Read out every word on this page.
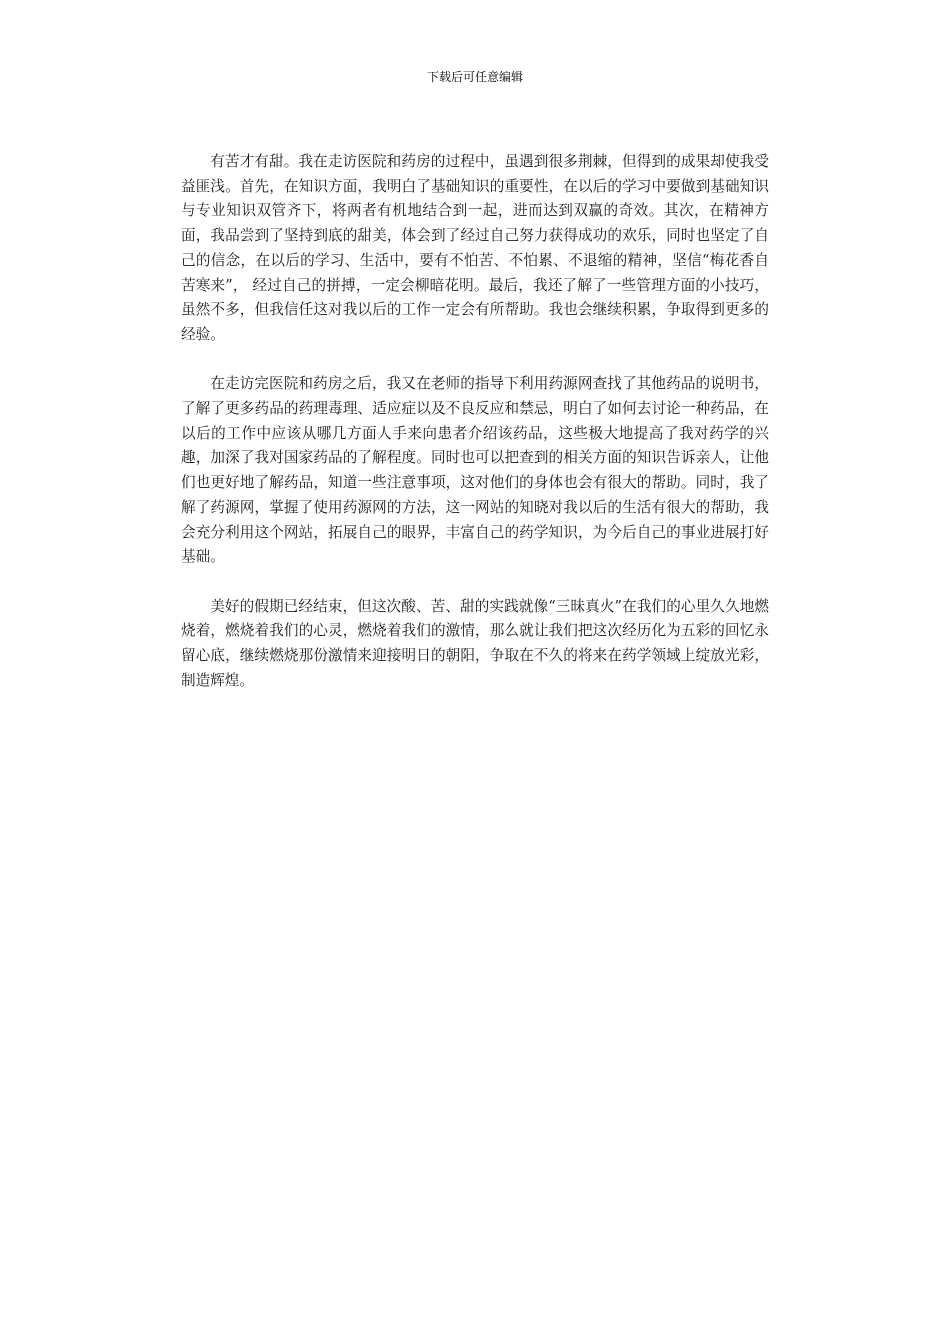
下载后可任意编辑

有苦才有甜。我在走访医院和药房的过程中，虽遇到很多荆棘，但得到的成果却使我受益匪浅。首先，在知识方面，我明白了基础知识的重要性，在以后的学习中要做到基础知识与专业知识双管齐下，将两者有机地结合到一起，进而达到双赢的奇效。其次，在精神方面，我品尝到了坚持到底的甜美，体会到了经过自己努力获得成功的欢乐，同时也坚定了自己的信念，在以后的学习、生活中，要有不怕苦、不怕累、不退缩的精神，坚信“梅花香自苦寒来”， 经过自己的拼搏，一定会柳暗花明。最后，我还了解了一些管理方面的小技巧，虽然不多，但我信任这对我以后的工作一定会有所帮助。我也会继续积累，争取得到更多的经验。

在走访完医院和药房之后，我又在老师的指导下利用药源网查找了其他药品的说明书，了解了更多药品的药理毒理、适应症以及不良反应和禁忌，明白了如何去讨论一种药品，在以后的工作中应该从哪几方面人手来向患者介绍该药品，这些极大地提高了我对药学的兴趣，加深了我对国家药品的了解程度。同时也可以把查到的相关方面的知识告诉亲人，让他们也更好地了解药品，知道一些注意事项，这对他们的身体也会有很大的帮助。同时，我了解了药源网，掌握了使用药源网的方法，这一网站的知晓对我以后的生活有很大的帮助，我会充分利用这个网站，拓展自己的眼界，丰富自己的药学知识，为今后自己的事业进展打好基础。

美好的假期已经结束，但这次酸、苦、甜的实践就像“三昧真火”在我们的心里久久地燃烧着，燃烧着我们的心灵，燃烧着我们的激情，那么就让我们把这次经历化为五彩的回忆永留心底，继续燃烧那份激情来迎接明日的朝阳，争取在不久的将来在药学领域上绽放光彩，制造辉煌。
